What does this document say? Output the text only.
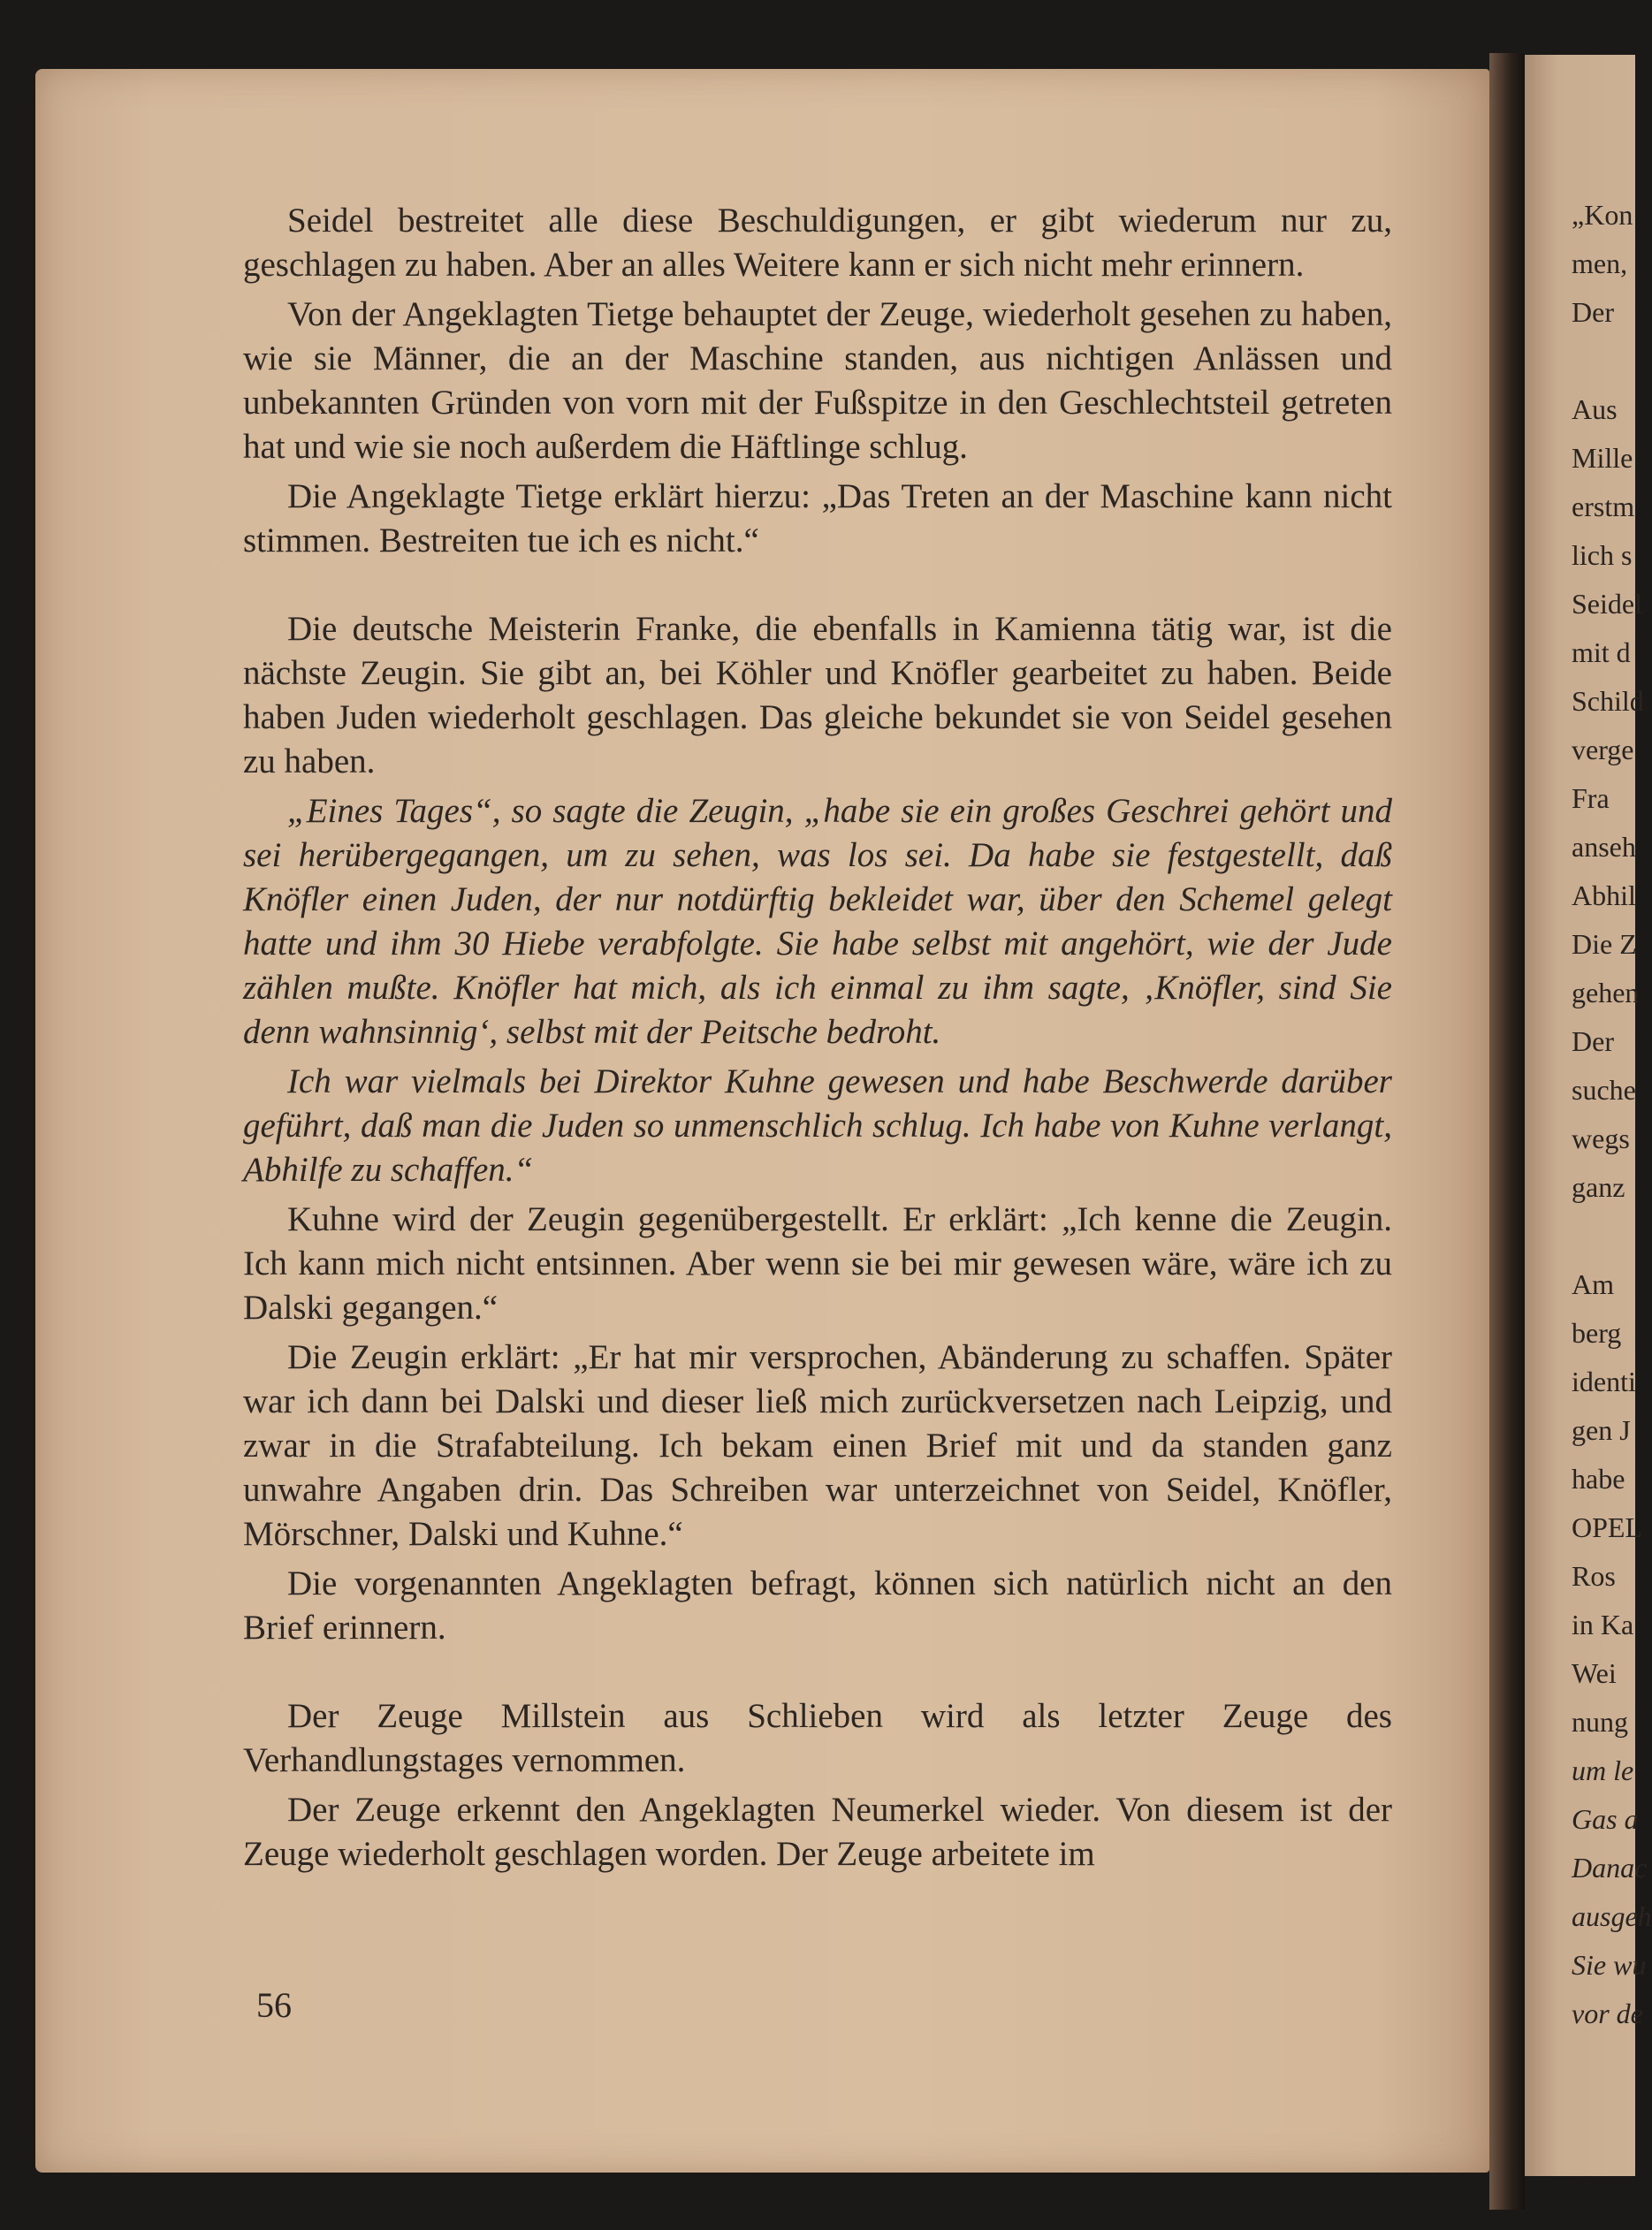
Seidel bestreitet alle diese Beschuldigungen, er gibt wiederum nur zu, geschlagen zu haben. Aber an alles Weitere kann er sich nicht mehr erinnern.

Von der Angeklagten Tietge behauptet der Zeuge, wiederholt gesehen zu haben, wie sie Männer, die an der Maschine standen, aus nichtigen Anlässen und unbekannten Gründen von vorn mit der Fußspitze in den Geschlechtsteil getreten hat und wie sie noch außerdem die Häftlinge schlug.

Die Angeklagte Tietge erklärt hierzu: „Das Treten an der Maschine kann nicht stimmen. Bestreiten tue ich es nicht.“

Die deutsche Meisterin Franke, die ebenfalls in Kamienna tätig war, ist die nächste Zeugin. Sie gibt an, bei Köhler und Knöfler gearbeitet zu haben. Beide haben Juden wiederholt geschlagen. Das gleiche bekundet sie von Seidel gesehen zu haben.

„Eines Tages“, so sagte die Zeugin, „habe sie ein großes Geschrei gehört und sei herübergegangen, um zu sehen, was los sei. Da habe sie festgestellt, daß Knöfler einen Juden, der nur notdürftig bekleidet war, über den Schemel gelegt hatte und ihm 30 Hiebe verabfolgte. Sie habe selbst mit angehört, wie der Jude zählen mußte. Knöfler hat mich, als ich einmal zu ihm sagte, ‚Knöfler, sind Sie denn wahnsinnig‘, selbst mit der Peitsche bedroht.

Ich war vielmals bei Direktor Kuhne gewesen und habe Beschwerde darüber geführt, daß man die Juden so unmenschlich schlug. Ich habe von Kuhne verlangt, Abhilfe zu schaffen.“

Kuhne wird der Zeugin gegenübergestellt. Er erklärt: „Ich kenne die Zeugin. Ich kann mich nicht entsinnen. Aber wenn sie bei mir gewesen wäre, wäre ich zu Dalski gegangen.“

Die Zeugin erklärt: „Er hat mir versprochen, Abänderung zu schaffen. Später war ich dann bei Dalski und dieser ließ mich zurückversetzen nach Leipzig, und zwar in die Strafabteilung. Ich bekam einen Brief mit und da standen ganz unwahre Angaben drin. Das Schreiben war unterzeichnet von Seidel, Knöfler, Mörschner, Dalski und Kuhne.“

Die vorgenannten Angeklagten befragt, können sich natürlich nicht an den Brief erinnern.

Der Zeuge Millstein aus Schlieben wird als letzter Zeuge des Verhandlungstages vernommen.

Der Zeuge erkennt den Angeklagten Neumerkel wieder. Von diesem ist der Zeuge wiederholt geschlagen worden. Der Zeuge arbeitete im

56
„Kon
men,
Der
Aus
Mille
erstm
lich s
Seidel
mit d
Schild
verge
Fra
anseh
Abhil
Die Z
gehen
Der
suche
wegs
ganz
Am
berg
identi
gen J
habe
OPEL
Ros
in Ka
Wei
nung
um le
Gas a
Danac
ausgeh
Sie wu
vor de
